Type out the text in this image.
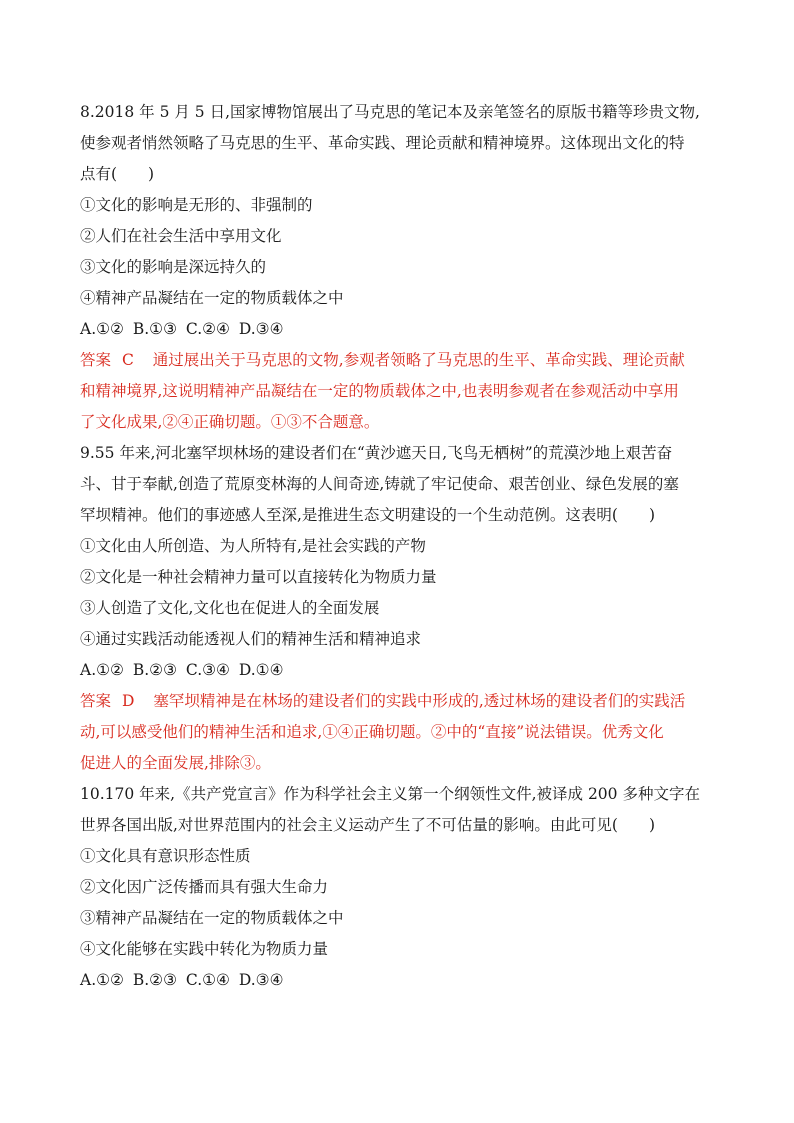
8.2018 年 5 月 5 日,国家博物馆展出了马克思的笔记本及亲笔签名的原版书籍等珍贵文物,
使参观者悄然领略了马克思的生平、革命实践、理论贡献和精神境界。这体现出文化的特
点有(　　)
①文化的影响是无形的、非强制的
②人们在社会生活中享用文化
③文化的影响是深远持久的
④精神产品凝结在一定的物质载体之中
A.①② B.①③ C.②④ D.③④
答案 C 通过展出关于马克思的文物,参观者领略了马克思的生平、革命实践、理论贡献
和精神境界,这说明精神产品凝结在一定的物质载体之中,也表明参观者在参观活动中享用
了文化成果,②④正确切题。①③不合题意。
9.55 年来,河北塞罕坝林场的建设者们在“黄沙遮天日,飞鸟无栖树”的荒漠沙地上艰苦奋
斗、甘于奉献,创造了荒原变林海的人间奇迹,铸就了牢记使命、艰苦创业、绿色发展的塞
罕坝精神。他们的事迹感人至深,是推进生态文明建设的一个生动范例。这表明(　　)
①文化由人所创造、为人所特有,是社会实践的产物
②文化是一种社会精神力量可以直接转化为物质力量
③人创造了文化,文化也在促进人的全面发展
④通过实践活动能透视人们的精神生活和精神追求
A.①② B.②③ C.③④ D.①④
答案 D 塞罕坝精神是在林场的建设者们的实践中形成的,透过林场的建设者们的实践活
动,可以感受他们的精神生活和追求,①④正确切题。②中的“直接”说法错误。优秀文化
促进人的全面发展,排除③。
10.170 年来,《共产党宣言》作为科学社会主义第一个纲领性文件,被译成 200 多种文字在
世界各国出版,对世界范围内的社会主义运动产生了不可估量的影响。由此可见(　　)
①文化具有意识形态性质
②文化因广泛传播而具有强大生命力
③精神产品凝结在一定的物质载体之中
④文化能够在实践中转化为物质力量
A.①② B.②③ C.①④ D.③④
